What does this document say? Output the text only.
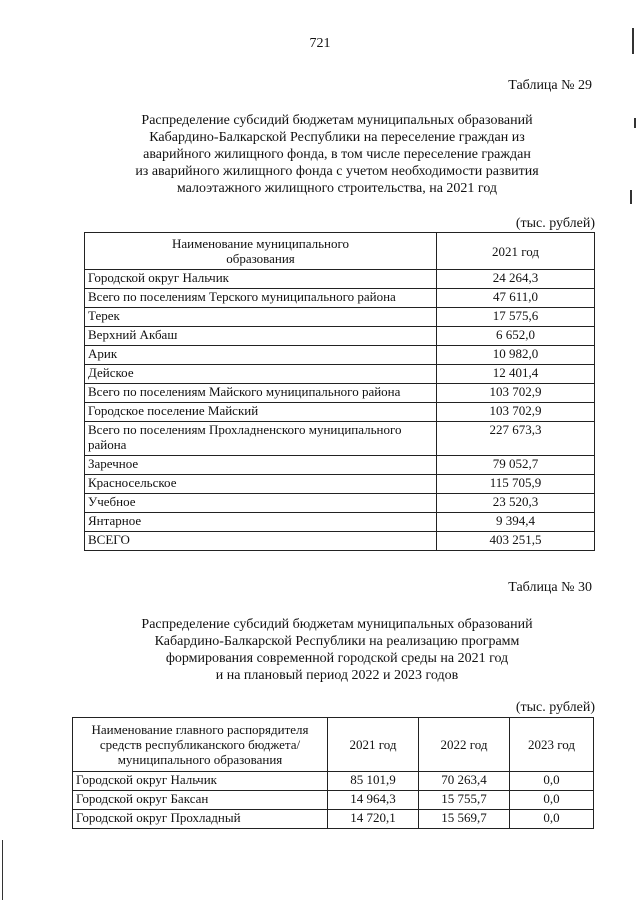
721
Таблица № 29
Распределение субсидий бюджетам муниципальных образований
Кабардино-Балкарской Республики на переселение граждан из
аварийного жилищного фонда, в том числе переселение граждан
из аварийного жилищного фонда с учетом необходимости развития
малоэтажного жилищного строительства, на 2021 год
(тыс. рублей)
Наименование муниципального
образования	2021 год
Городской округ Нальчик	24 264,3
Всего по поселениям Терского муниципального района	47 611,0
Терек	17 575,6
Верхний Акбаш	6 652,0
Арик	10 982,0
Дейское	12 401,4
Всего по поселениям Майского муниципального района	103 702,9
Городское поселение Майский	103 702,9
Всего по поселениям Прохладненского муниципального района	227 673,3
Заречное	79 052,7
Красносельское	115 705,9
Учебное	23 520,3
Янтарное	9 394,4
ВСЕГО	403 251,5
Таблица № 30
Распределение субсидий бюджетам муниципальных образований
Кабардино-Балкарской Республики на реализацию программ
формирования современной городской среды на 2021 год
и на плановый период 2022 и 2023 годов
(тыс. рублей)
Наименование главного распорядителя
средств республиканского бюджета/
муниципального образования	2021 год	2022 год	2023 год
Городской округ Нальчик	85 101,9	70 263,4	0,0
Городской округ Баксан	14 964,3	15 755,7	0,0
Городской округ Прохладный	14 720,1	15 569,7	0,0
